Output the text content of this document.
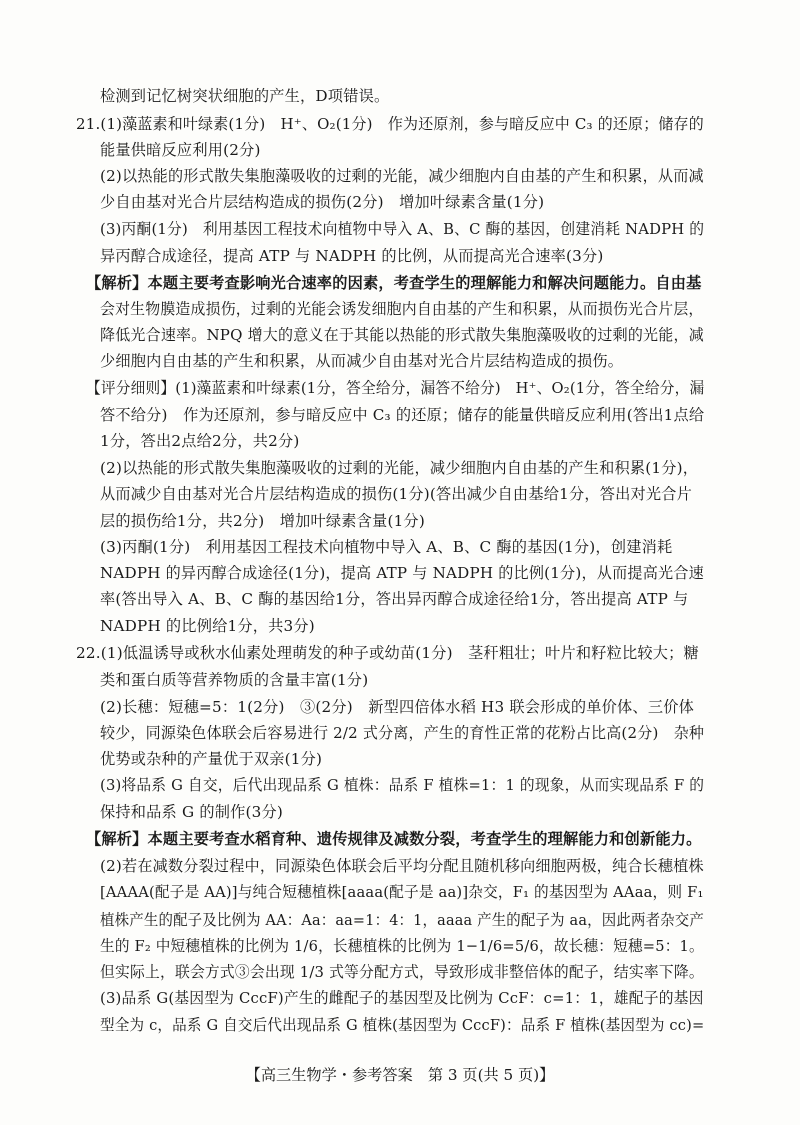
检测到记忆树突状细胞的产生，D项错误。
21.(1)藻蓝素和叶绿素(1分)　H⁺、O₂(1分)　作为还原剂，参与暗反应中 C₃ 的还原；储存的
能量供暗反应利用(2分)
(2)以热能的形式散失集胞藻吸收的过剩的光能，减少细胞内自由基的产生和积累，从而减
少自由基对光合片层结构造成的损伤(2分)　增加叶绿素含量(1分)
(3)丙酮(1分)　利用基因工程技术向植物中导入 A、B、C 酶的基因，创建消耗 NADPH 的
异丙醇合成途径，提高 ATP 与 NADPH 的比例，从而提高光合速率(3分)
【解析】本题主要考查影响光合速率的因素，考查学生的理解能力和解决问题能力。自由基
会对生物膜造成损伤，过剩的光能会诱发细胞内自由基的产生和积累，从而损伤光合片层，
降低光合速率。NPQ 增大的意义在于其能以热能的形式散失集胞藻吸收的过剩的光能，减
少细胞内自由基的产生和积累，从而减少自由基对光合片层结构造成的损伤。
【评分细则】(1)藻蓝素和叶绿素(1分，答全给分，漏答不给分)　H⁺、O₂(1分，答全给分，漏
答不给分)　作为还原剂，参与暗反应中 C₃ 的还原；储存的能量供暗反应利用(答出1点给
1分，答出2点给2分，共2分)
(2)以热能的形式散失集胞藻吸收的过剩的光能，减少细胞内自由基的产生和积累(1分)，
从而减少自由基对光合片层结构造成的损伤(1分)(答出减少自由基给1分，答出对光合片
层的损伤给1分，共2分)　增加叶绿素含量(1分)
(3)丙酮(1分)　利用基因工程技术向植物中导入 A、B、C 酶的基因(1分)，创建消耗
NADPH 的异丙醇合成途径(1分)，提高 ATP 与 NADPH 的比例(1分)，从而提高光合速
率(答出导入 A、B、C 酶的基因给1分，答出异丙醇合成途径给1分，答出提高 ATP 与
NADPH 的比例给1分，共3分)
22.(1)低温诱导或秋水仙素处理萌发的种子或幼苗(1分)　茎秆粗壮；叶片和籽粒比较大；糖
类和蛋白质等营养物质的含量丰富(1分)
(2)长穗：短穗=5：1(2分)　③(2分)　新型四倍体水稻 H3 联会形成的单价体、三价体
较少，同源染色体联会后容易进行 2/2 式分离，产生的育性正常的花粉占比高(2分)　杂种
优势或杂种的产量优于双亲(1分)
(3)将品系 G 自交，后代出现品系 G 植株：品系 F 植株=1：1 的现象，从而实现品系 F 的
保持和品系 G 的制作(3分)
【解析】本题主要考查水稻育种、遗传规律及减数分裂，考查学生的理解能力和创新能力。
(2)若在减数分裂过程中，同源染色体联会后平均分配且随机移向细胞两极，纯合长穗植株
[AAAA(配子是 AA)]与纯合短穗植株[aaaa(配子是 aa)]杂交，F₁ 的基因型为 AAaa，则 F₁
植株产生的配子及比例为 AA：Aa：aa=1：4：1，aaaa 产生的配子为 aa，因此两者杂交产
生的 F₂ 中短穗植株的比例为 1/6，长穗植株的比例为 1−1/6=5/6，故长穗：短穗=5：1。
但实际上，联会方式③会出现 1/3 式等分配方式，导致形成非整倍体的配子，结实率下降。
(3)品系 G(基因型为 CccF)产生的雌配子的基因型及比例为 CcF：c=1：1，雄配子的基因
型全为 c，品系 G 自交后代出现品系 G 植株(基因型为 CccF)：品系 F 植株(基因型为 cc)=
【高三生物学・参考答案　第 3 页(共 5 页)】
